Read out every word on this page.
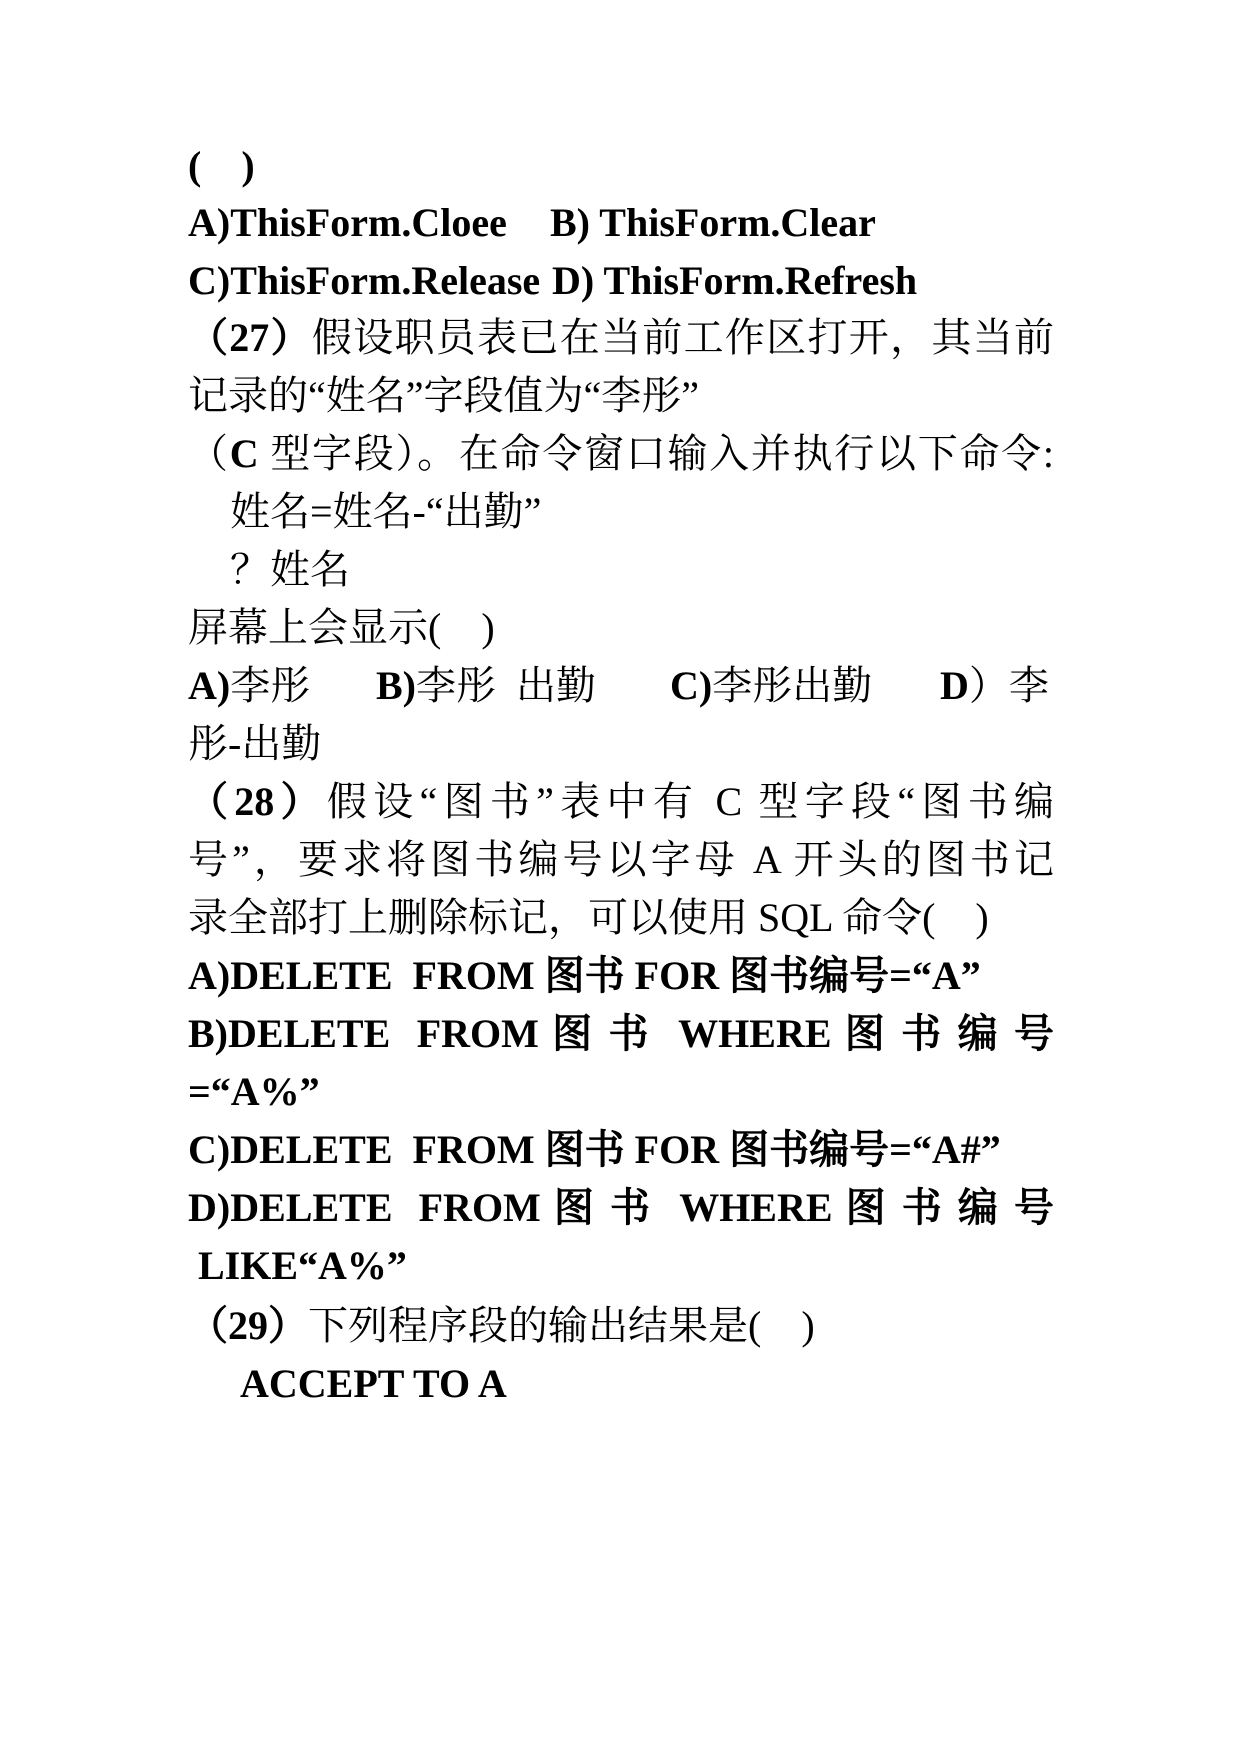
(    )

A)ThisForm.Cloee

B) ThisForm.Clear

C)ThisForm.Release

D) ThisForm.Refresh

（27）假设职员表已在当前工作区打开，其当前
记录的“姓名”字段值为“李彤”
（C 型字段）。在命令窗口输入并执行以下命令:
姓名=姓名-“出勤”
？姓名
屏幕上会显示(    )

A)李彤

B)李彤  出勤

C)李彤出勤

D）李

彤-出勤
（28）假设“图书”表中有 C 型字段“图书编
号”，要求将图书编号以字母 A 开头的图书记
录全部打上删除标记，可以使用 SQL 命令(    )
A)DELETE  FROM 图书 FOR 图书编号=“A”
B)DELETE  FROM 图 书  WHERE 图 书 编 号
=“A%”
C)DELETE  FROM 图书 FOR 图书编号=“A#”
D)DELETE  FROM 图 书  WHERE 图 书 编 号
LIKE“A%”
（29）下列程序段的输出结果是(    )
ACCEPT TO A
